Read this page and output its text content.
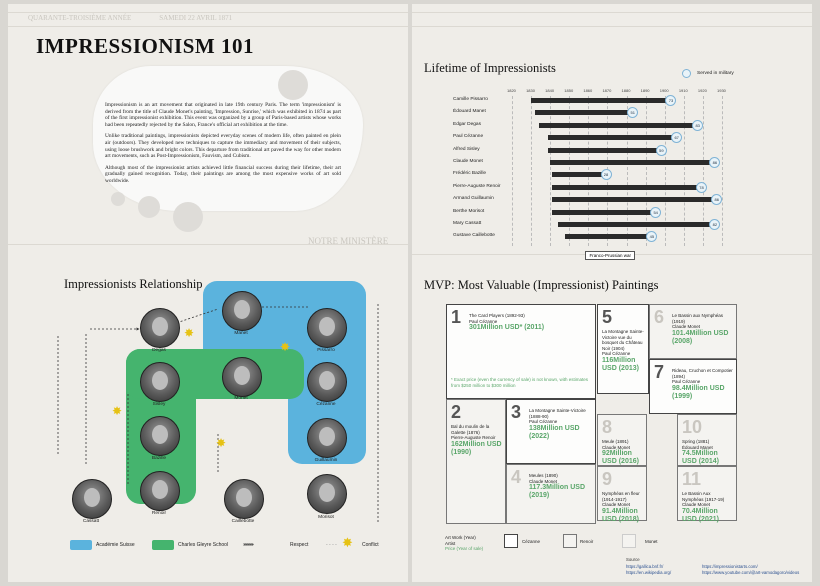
QUARANTE-TROISIÈME ANNÉE                SAMEDI 22 AVRIL 1871
NOTRE MINISTÈRE
IMPRESSIONISM 101

Impressionism is an art movement that originated in late 19th century Paris. The term 'impressionism' is derived from the title of Claude Monet's painting, 'Impression, Sunrise,' which was exhibited in 1874 as part of the first impressionist exhibition. This event was organized by a group of Paris-based artists whose works had been repeatedly rejected by the Salon, France's official art exhibition at the time.

Unlike traditional paintings, impressionists depicted everyday scenes of modern life, often painted en plein air (outdoors). They developed new techniques to capture the immediacy and movement of their subjects, using loose brushwork and bright colors. This departure from traditional art paved the way for other modern art movements, such as Post-Impressionism, Fauvism, and Cubism.

Although most of the impressionist artists achieved little financial success during their lifetime, their art gradually gained recognition. Today, their paintings are among the most expensive works of art sold worldwide.

Impressionists Relationship
✸
✸
✸
✸
Manet
Degas	Pissarro
Monet
Sisley	Cézanne
Bazille	Guillaumin
Cassatt
Renoir
Caillebotte
Morisot
Académie Suisse	Charles Gleyre School	›››››››››››››››	Respect	- - - - ✸ Conflict
Lifetime of Impressionists	Served in military
1820	1830	1840	1850	1860	1870	1880	1890	1900	1910	1920	1930
Camille Pissarro	73
Édouard Manet	51
Edgar Degas	83
Paul Cézanne	67
Alfred Sisley	59
Claude Monet	86
Frédéric Bazille	28
Pierre-Auguste Renoir	78
Armand Guillaumin	86
Berthe Morisot	54
Mary Cassatt	82
Gustave Caillebotte	45
Franco-Prussian war
MVP: Most Valuable (Impressionist) Paintings
1 The Card Players (1892-93)
Paul Cézanne
301Million USD* (2011)
* Exact price (even the currency of sale) is not known, with estimates from $250 million to $300 million
2
Bal du moulin de la Galette (1876)
Pierre-Auguste Renoir
162Million USD (1990)
3 La Montagne Sainte-Victoire (1888-90)
Paul Cézanne
138Million USD (2022)
4 Meules (1890)
Claude Monet
117.3Million USD (2019)
5
La Montagne Sainte-Victoire vue du bosquet du Château Noir (1904)
Paul Cézanne
116Million USD (2013)
6 Le Bassin aux Nymphéas (1919)
Claude Monet
101.4Million USD (2008)
7 Rideau, Cruchon et Compotier (1894)
Paul Cézanne
98.4Million USD (1999)
8
Meule (1891)
Claude Monet
92Million USD (2016)
9
Nymphéas en fleur (1914-1917)
Claude Monet
91.4Million USD (2018)
10
Spring (1881)
Édouard Manet
74.5Million USD (2014)
11
Le Bassin Aux Nymphéas (1917-19)
Claude Monet
70.4Million USD (2021)
Art Work (Year)
Artist
Price (Year of sale)
Cézanne	Renoir	Monet
Source
https://gallica.bnf.fr/
https://en.wikipedia.org/
https://impressionistarts.com/
https://www.youtube.com/@art-vamodagoro/videos
